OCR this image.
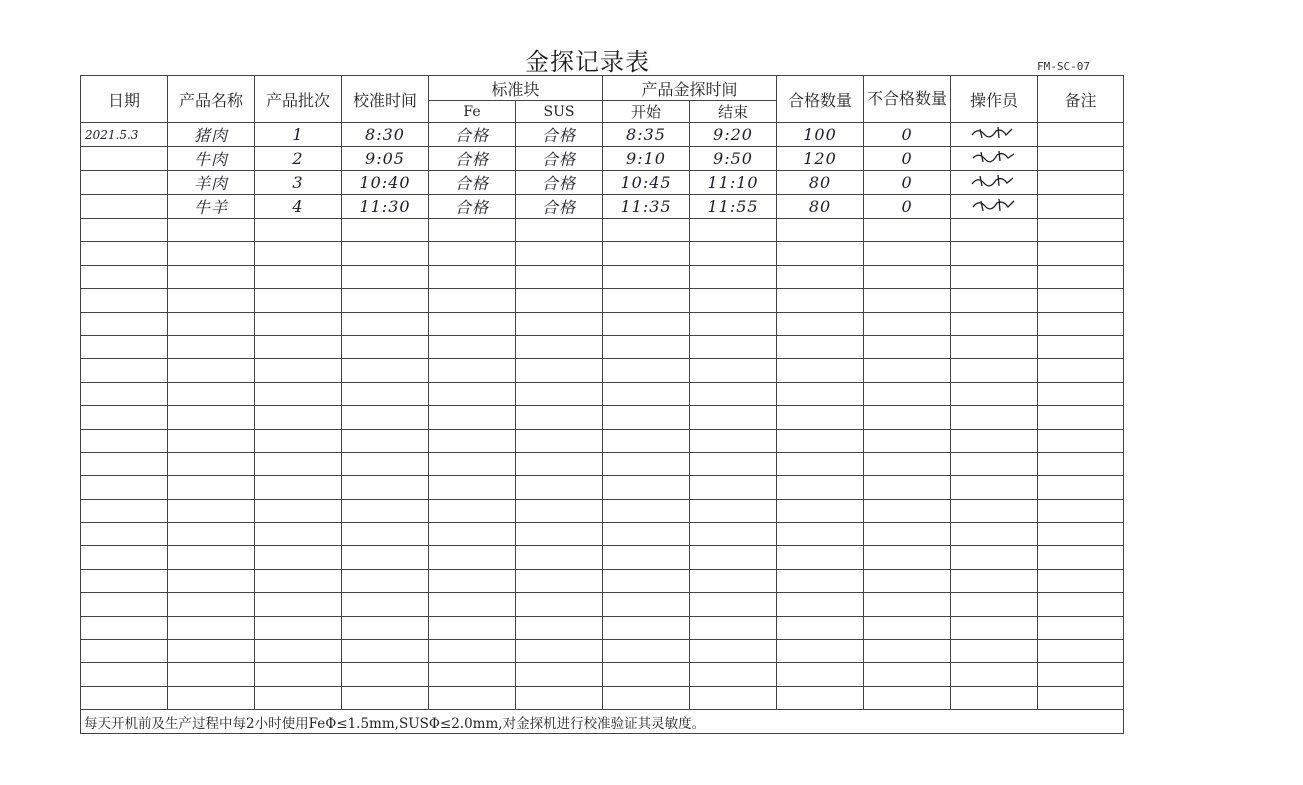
金探记录表	FM-SC-07
日期	产品名称	产品批次	校准时间	标准块		产品金探时间		合格数量	不合格数量	操作员	备注
				Fe	SUS	开始	结束				
2021.5.3	猪肉	1	8:30	合格	合格	8:35	9:20	100	0	

	牛肉	2	9:05	合格	合格	9:10	9:50	120	0	

	羊肉	3	10:40	合格	合格	10:45	11:10	80	0	

	牛羊	4	11:30	合格	合格	11:35	11:55	80	0	

每天开机前及生产过程中每2小时使用FeΦ≤1.5mm,SUSΦ≤2.0mm,对金探机进行校准验证其灵敏度。											
